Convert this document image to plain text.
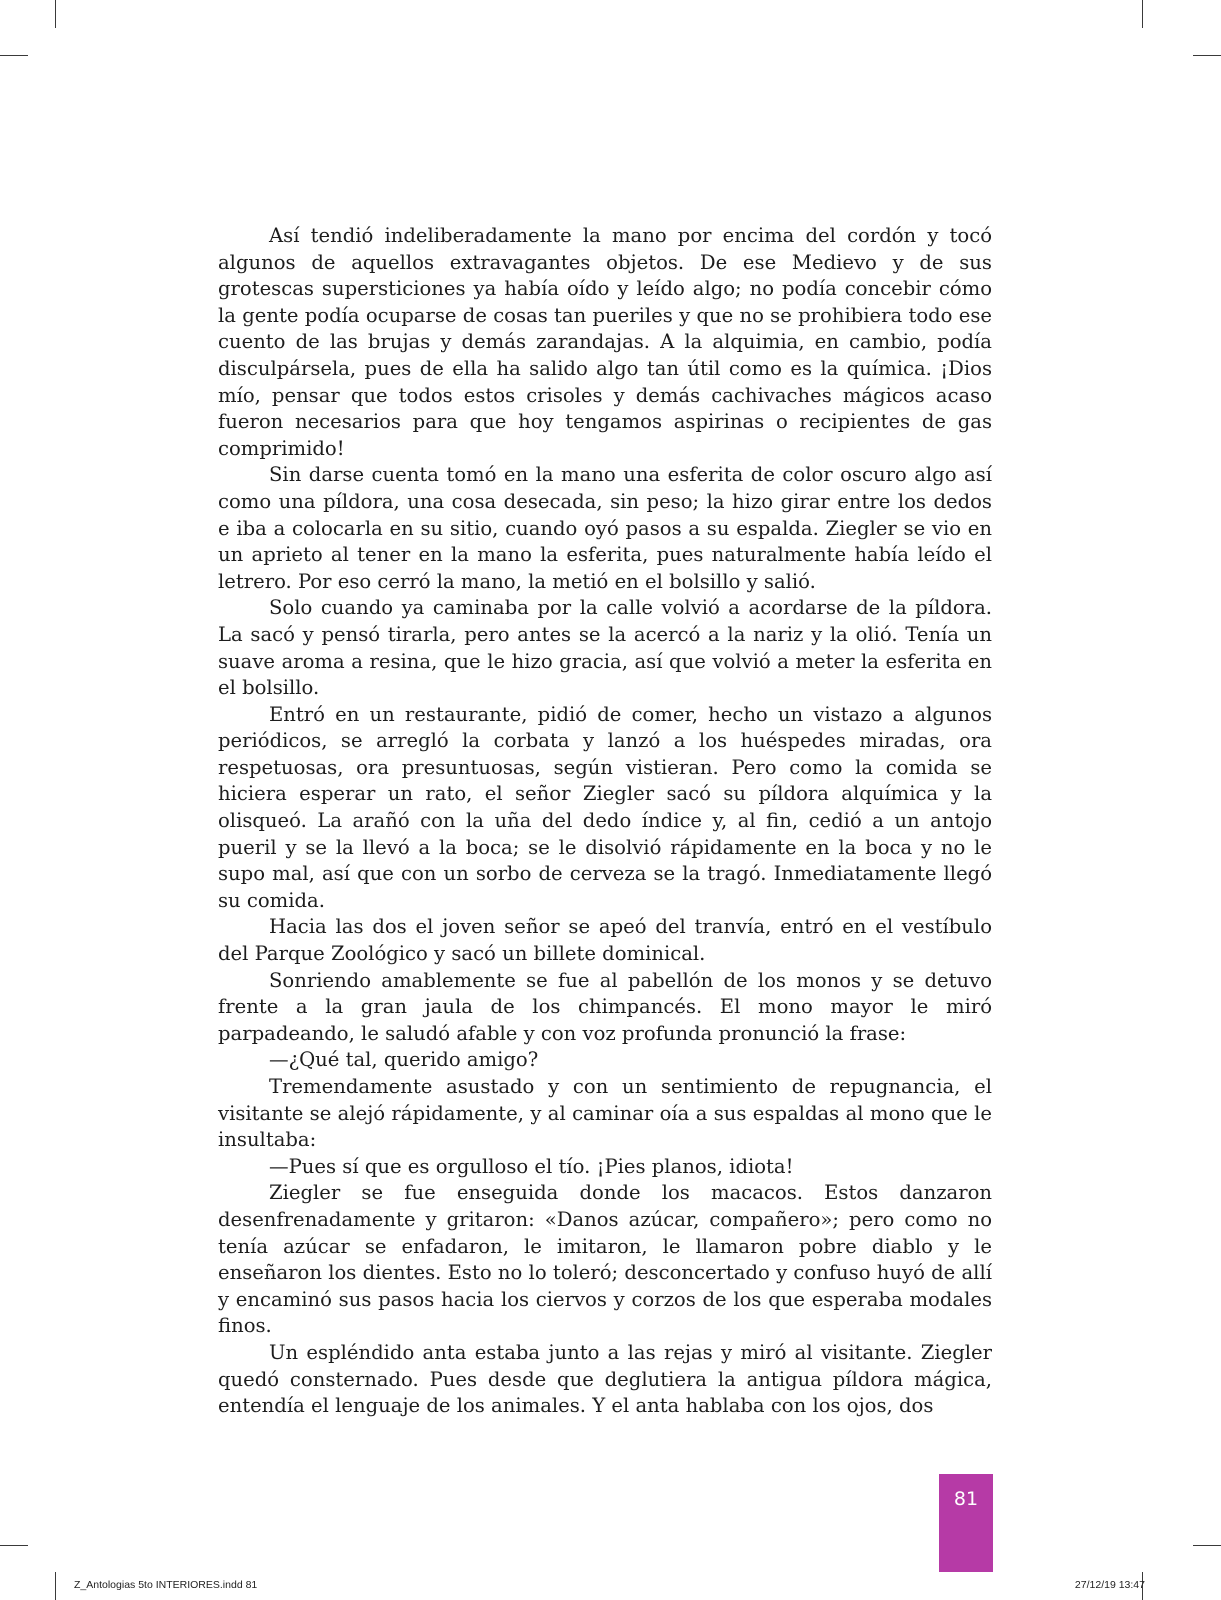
Así tendió indeliberadamente la mano por encima del cordón y tocó algunos de aquellos extravagantes objetos. De ese Medievo y de sus grotescas supersticiones ya había oído y leído algo; no podía concebir cómo la gente podía ocuparse de cosas tan pueriles y que no se prohibiera todo ese cuento de las brujas y demás zarandajas. A la alquimia, en cambio, podía disculpársela, pues de ella ha salido algo tan útil como es la química. ¡Dios mío, pensar que todos estos crisoles y demás cachivaches mágicos acaso fueron necesarios para que hoy tengamos aspirinas o recipientes de gas comprimido!

Sin darse cuenta tomó en la mano una esferita de color oscuro algo así como una píldora, una cosa desecada, sin peso; la hizo girar entre los dedos e iba a colocarla en su sitio, cuando oyó pasos a su espalda. Ziegler se vio en un aprieto al tener en la mano la esferita, pues naturalmente había leído el letrero. Por eso cerró la mano, la metió en el bolsillo y salió.

Solo cuando ya caminaba por la calle volvió a acordarse de la píldora. La sacó y pensó tirarla, pero antes se la acercó a la nariz y la olió. Tenía un suave aroma a resina, que le hizo gracia, así que volvió a meter la esferita en el bolsillo.

Entró en un restaurante, pidió de comer, hecho un vistazo a algunos periódicos, se arregló la corbata y lanzó a los huéspedes miradas, ora respetuosas, ora presuntuosas, según vistieran. Pero como la comida se hiciera esperar un rato, el señor Ziegler sacó su píldora alquímica y la olisqueó. La arañó con la uña del dedo índice y, al fin, cedió a un antojo pueril y se la llevó a la boca; se le disolvió rápidamente en la boca y no le supo mal, así que con un sorbo de cerveza se la tragó. Inmediatamente llegó su comida.

Hacia las dos el joven señor se apeó del tranvía, entró en el vestíbulo del Parque Zoológico y sacó un billete dominical.

Sonriendo amablemente se fue al pabellón de los monos y se detuvo frente a la gran jaula de los chimpancés. El mono mayor le miró parpadeando, le saludó afable y con voz profunda pronunció la frase:

—¿Qué tal, querido amigo?

Tremendamente asustado y con un sentimiento de repugnancia, el visitante se alejó rápidamente, y al caminar oía a sus espaldas al mono que le insultaba:

—Pues sí que es orgulloso el tío. ¡Pies planos, idiota!

Ziegler se fue enseguida donde los macacos. Estos danzaron desenfrenadamente y gritaron: «Danos azúcar, compañero»; pero como no tenía azúcar se enfadaron, le imitaron, le llamaron pobre diablo y le enseñaron los dientes. Esto no lo toleró; desconcertado y confuso huyó de allí y encaminó sus pasos hacia los ciervos y corzos de los que esperaba modales finos.

Un espléndido anta estaba junto a las rejas y miró al visitante. Ziegler quedó consternado. Pues desde que deglutiera la antigua píldora mágica, entendía el lenguaje de los animales. Y el anta hablaba con los ojos, dos

81
Z_Antologias 5to INTERIORES.indd 81	27/12/19 13:47
